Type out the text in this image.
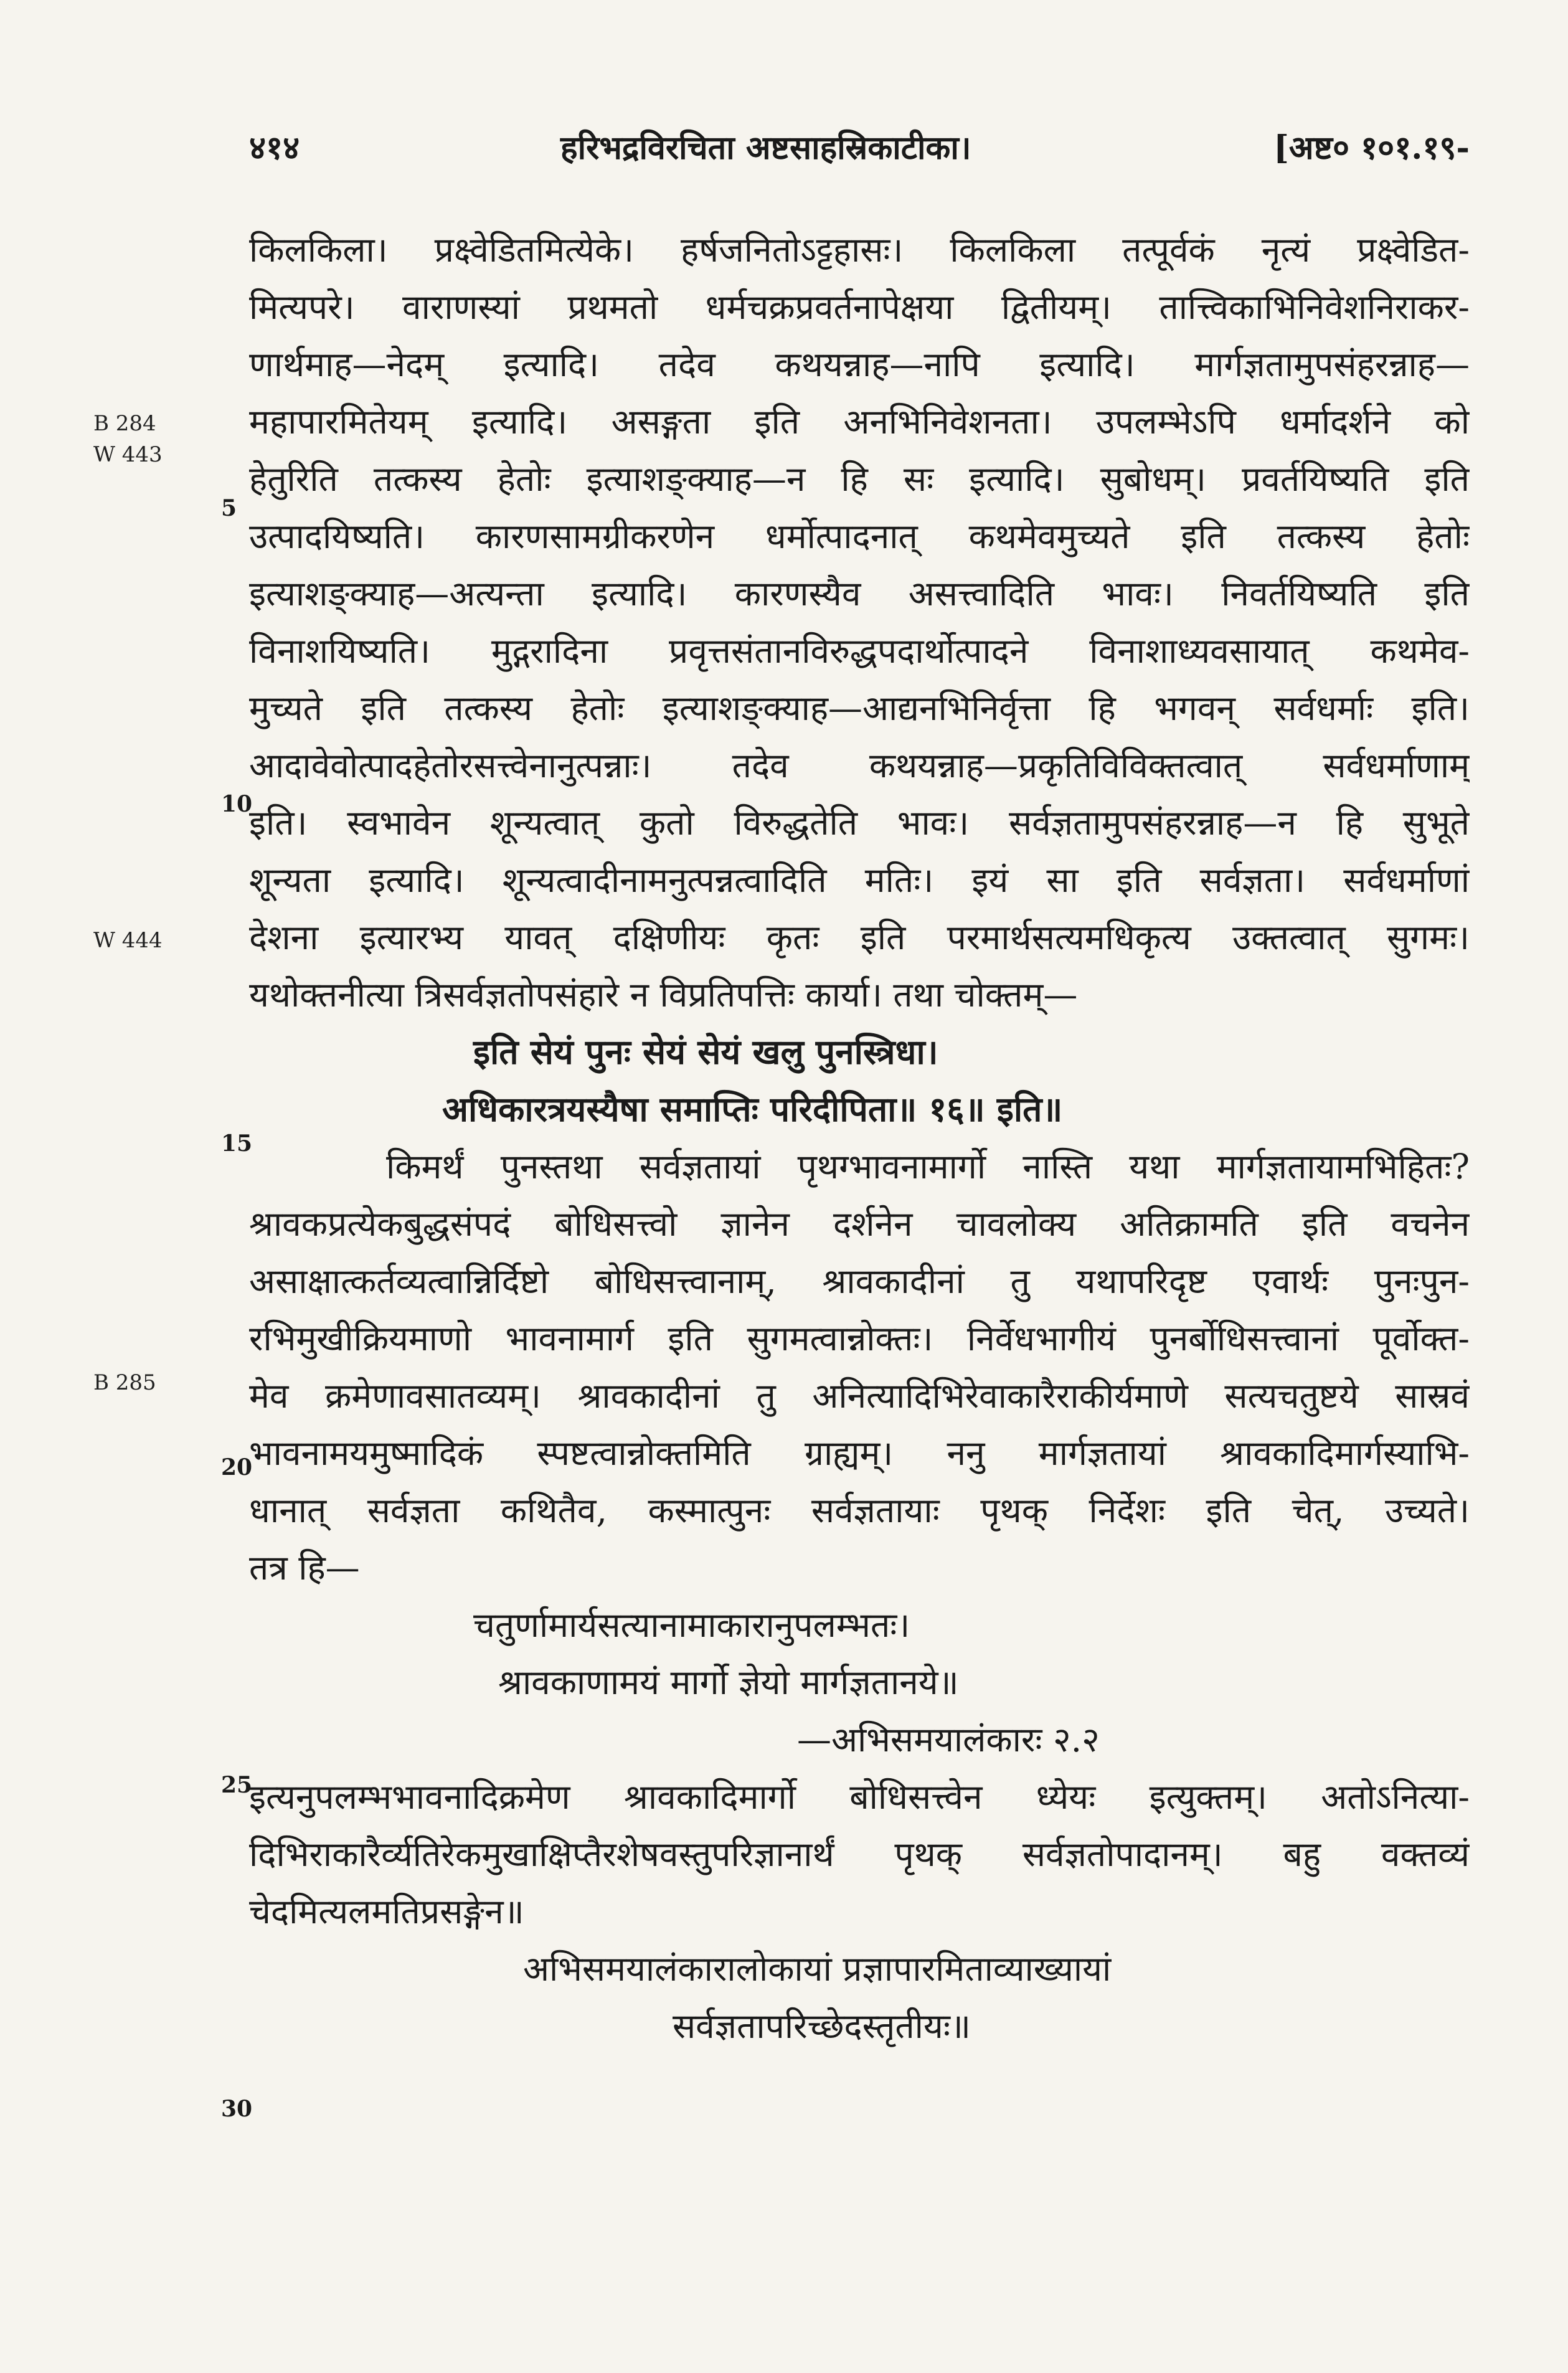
४१४	हरिभद्रविरचिता अष्टसाहस्रिकाटीका।	[अष्ट० १०१.१९-
B 284
W 443
W 444
B 285
5
10
15
20
25
30
किलकिला। प्रक्ष्वेडितमित्येके। हर्षजनितोऽट्टहासः। किलकिला तत्पूर्वकं नृत्यं प्रक्ष्वेडित-
मित्यपरे। वाराणस्यां प्रथमतो धर्मचक्रप्रवर्तनापेक्षया द्वितीयम्। तात्त्विकाभिनिवेशनिराकर-
णार्थमाह—नेदम् इत्यादि। तदेव कथयन्नाह—नापि इत्यादि। मार्गज्ञतामुपसंहरन्नाह—
महापारमितेयम् इत्यादि। असङ्गता इति अनभिनिवेशनता। उपलम्भेऽपि धर्मादर्शने को
हेतुरिति तत्कस्य हेतोः इत्याशङ्क्याह—न हि सः इत्यादि। सुबोधम्। प्रवर्तयिष्यति इति
उत्पादयिष्यति। कारणसामग्रीकरणेन धर्मोत्पादनात् कथमेवमुच्यते इति तत्कस्य हेतोः
इत्याशङ्क्याह—अत्यन्ता इत्यादि। कारणस्यैव असत्त्वादिति भावः। निवर्तयिष्यति इति
विनाशयिष्यति। मुद्गरादिना प्रवृत्तसंतानविरुद्धपदार्थोत्पादने विनाशाध्यवसायात् कथमेव-
मुच्यते इति तत्कस्य हेतोः इत्याशङ्क्याह—आद्यनभिनिर्वृत्ता हि भगवन् सर्वधर्माः इति।
आदावेवोत्पादहेतोरसत्त्वेनानुत्पन्नाः। तदेव कथयन्नाह—प्रकृतिविविक्तत्वात् सर्वधर्माणाम्
इति। स्वभावेन शून्यत्वात् कुतो विरुद्धतेति भावः। सर्वज्ञतामुपसंहरन्नाह—न हि सुभूते
शून्यता इत्यादि। शून्यत्वादीनामनुत्पन्नत्वादिति मतिः। इयं सा इति सर्वज्ञता। सर्वधर्माणां
देशना इत्यारभ्य यावत् दक्षिणीयः कृतः इति परमार्थसत्यमधिकृत्य उक्तत्वात् सुगमः।
यथोक्तनीत्या त्रिसर्वज्ञतोपसंहारे न विप्रतिपत्तिः कार्या। तथा चोक्तम्—
इति सेयं पुनः सेयं सेयं खलु पुनस्त्रिधा।
अधिकारत्रयस्यैषा समाप्तिः परिदीपिता॥ १६॥ इति॥
किमर्थं पुनस्तथा सर्वज्ञतायां पृथग्भावनामार्गो नास्ति यथा मार्गज्ञतायामभिहितः?
श्रावकप्रत्येकबुद्धसंपदं बोधिसत्त्वो ज्ञानेन दर्शनेन चावलोक्य अतिक्रामति इति वचनेन
असाक्षात्कर्तव्यत्वान्निर्दिष्टो बोधिसत्त्वानाम्, श्रावकादीनां तु यथापरिदृष्ट एवार्थः पुनःपुन-
रभिमुखीक्रियमाणो भावनामार्ग इति सुगमत्वान्नोक्तः। निर्वेधभागीयं पुनर्बोधिसत्त्वानां पूर्वोक्त-
मेव क्रमेणावसातव्यम्। श्रावकादीनां तु अनित्यादिभिरेवाकारैराकीर्यमाणे सत्यचतुष्टये सास्रवं
भावनामयमुष्मादिकं स्पष्टत्वान्नोक्तमिति ग्राह्यम्। ननु मार्गज्ञतायां श्रावकादिमार्गस्याभि-
धानात् सर्वज्ञता कथितैव, कस्मात्पुनः सर्वज्ञतायाः पृथक् निर्देशः इति चेत्, उच्यते।
तत्र हि—
चतुर्णामार्यसत्यानामाकारानुपलम्भतः।
श्रावकाणामयं मार्गो ज्ञेयो मार्गज्ञतानये॥
—अभिसमयालंकारः २.२
इत्यनुपलम्भभावनादिक्रमेण श्रावकादिमार्गो बोधिसत्त्वेन ध्येयः इत्युक्तम्। अतोऽनित्या-
दिभिराकारैर्व्यतिरेकमुखाक्षिप्तैरशेषवस्तुपरिज्ञानार्थं पृथक् सर्वज्ञतोपादानम्। बहु वक्तव्यं
चेदमित्यलमतिप्रसङ्गेन॥
अभिसमयालंकारालोकायां प्रज्ञापारमिताव्याख्यायां
सर्वज्ञतापरिच्छेदस्तृतीयः॥
